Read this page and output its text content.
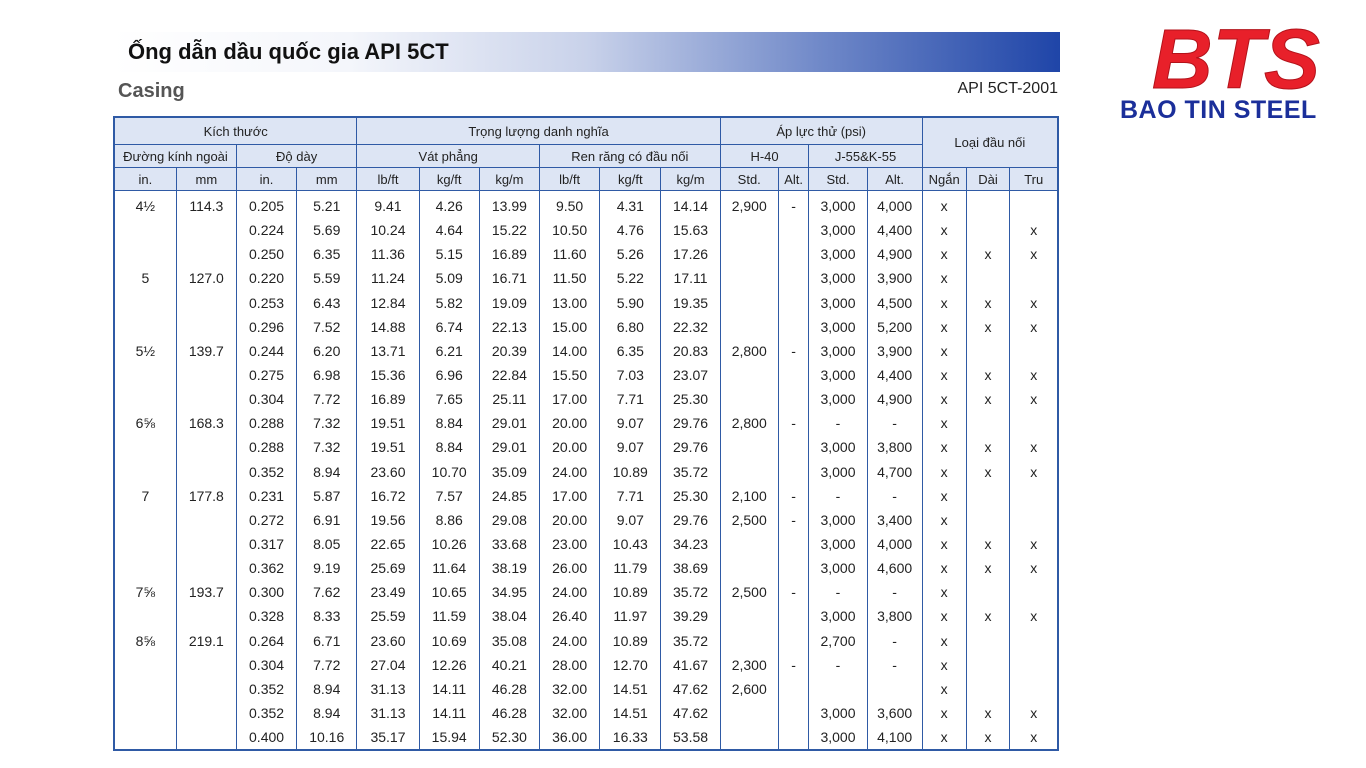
Ống dẫn dầu quốc gia API 5CT
Casing	API 5CT-2001 BTS
BAO TIN STEEL
Kích thước				Trọng lượng danh nghĩa						Áp lực thử (psi)				Loại đầu nối		
Đường kính ngoài		Độ dày		Vát phẳng			Ren răng có đầu nối			H-40		J-55&K-55				
in.	mm	in.	mm	lb/ft	kg/ft	kg/m	lb/ft	kg/ft	kg/m	Std.	Alt.	Std.	Alt.	Ngắn	Dài	Tru
4½	114.3	0.205	5.21	9.41	4.26	13.99	9.50	4.31	14.14	2,900	-	3,000	4,000	x		
		0.224	5.69	10.24	4.64	15.22	10.50	4.76	15.63			3,000	4,400	x		x
		0.250	6.35	11.36	5.15	16.89	11.60	5.26	17.26			3,000	4,900	x	x	x
5	127.0	0.220	5.59	11.24	5.09	16.71	11.50	5.22	17.11			3,000	3,900	x		
		0.253	6.43	12.84	5.82	19.09	13.00	5.90	19.35			3,000	4,500	x	x	x
		0.296	7.52	14.88	6.74	22.13	15.00	6.80	22.32			3,000	5,200	x	x	x
5½	139.7	0.244	6.20	13.71	6.21	20.39	14.00	6.35	20.83	2,800	-	3,000	3,900	x		
		0.275	6.98	15.36	6.96	22.84	15.50	7.03	23.07			3,000	4,400	x	x	x
		0.304	7.72	16.89	7.65	25.11	17.00	7.71	25.30			3,000	4,900	x	x	x
6⅝	168.3	0.288	7.32	19.51	8.84	29.01	20.00	9.07	29.76	2,800	-	-	-	x		
		0.288	7.32	19.51	8.84	29.01	20.00	9.07	29.76			3,000	3,800	x	x	x
		0.352	8.94	23.60	10.70	35.09	24.00	10.89	35.72			3,000	4,700	x	x	x
7	177.8	0.231	5.87	16.72	7.57	24.85	17.00	7.71	25.30	2,100	-	-	-	x		
		0.272	6.91	19.56	8.86	29.08	20.00	9.07	29.76	2,500	-	3,000	3,400	x		
		0.317	8.05	22.65	10.26	33.68	23.00	10.43	34.23			3,000	4,000	x	x	x
		0.362	9.19	25.69	11.64	38.19	26.00	11.79	38.69			3,000	4,600	x	x	x
7⅝	193.7	0.300	7.62	23.49	10.65	34.95	24.00	10.89	35.72	2,500	-	-	-	x		
		0.328	8.33	25.59	11.59	38.04	26.40	11.97	39.29			3,000	3,800	x	x	x
8⅝	219.1	0.264	6.71	23.60	10.69	35.08	24.00	10.89	35.72			2,700	-	x		
		0.304	7.72	27.04	12.26	40.21	28.00	12.70	41.67	2,300	-	-	-	x		
		0.352	8.94	31.13	14.11	46.28	32.00	14.51	47.62	2,600				x		
		0.352	8.94	31.13	14.11	46.28	32.00	14.51	47.62			3,000	3,600	x	x	x
		0.400	10.16	35.17	15.94	52.30	36.00	16.33	53.58			3,000	4,100	x	x	x
